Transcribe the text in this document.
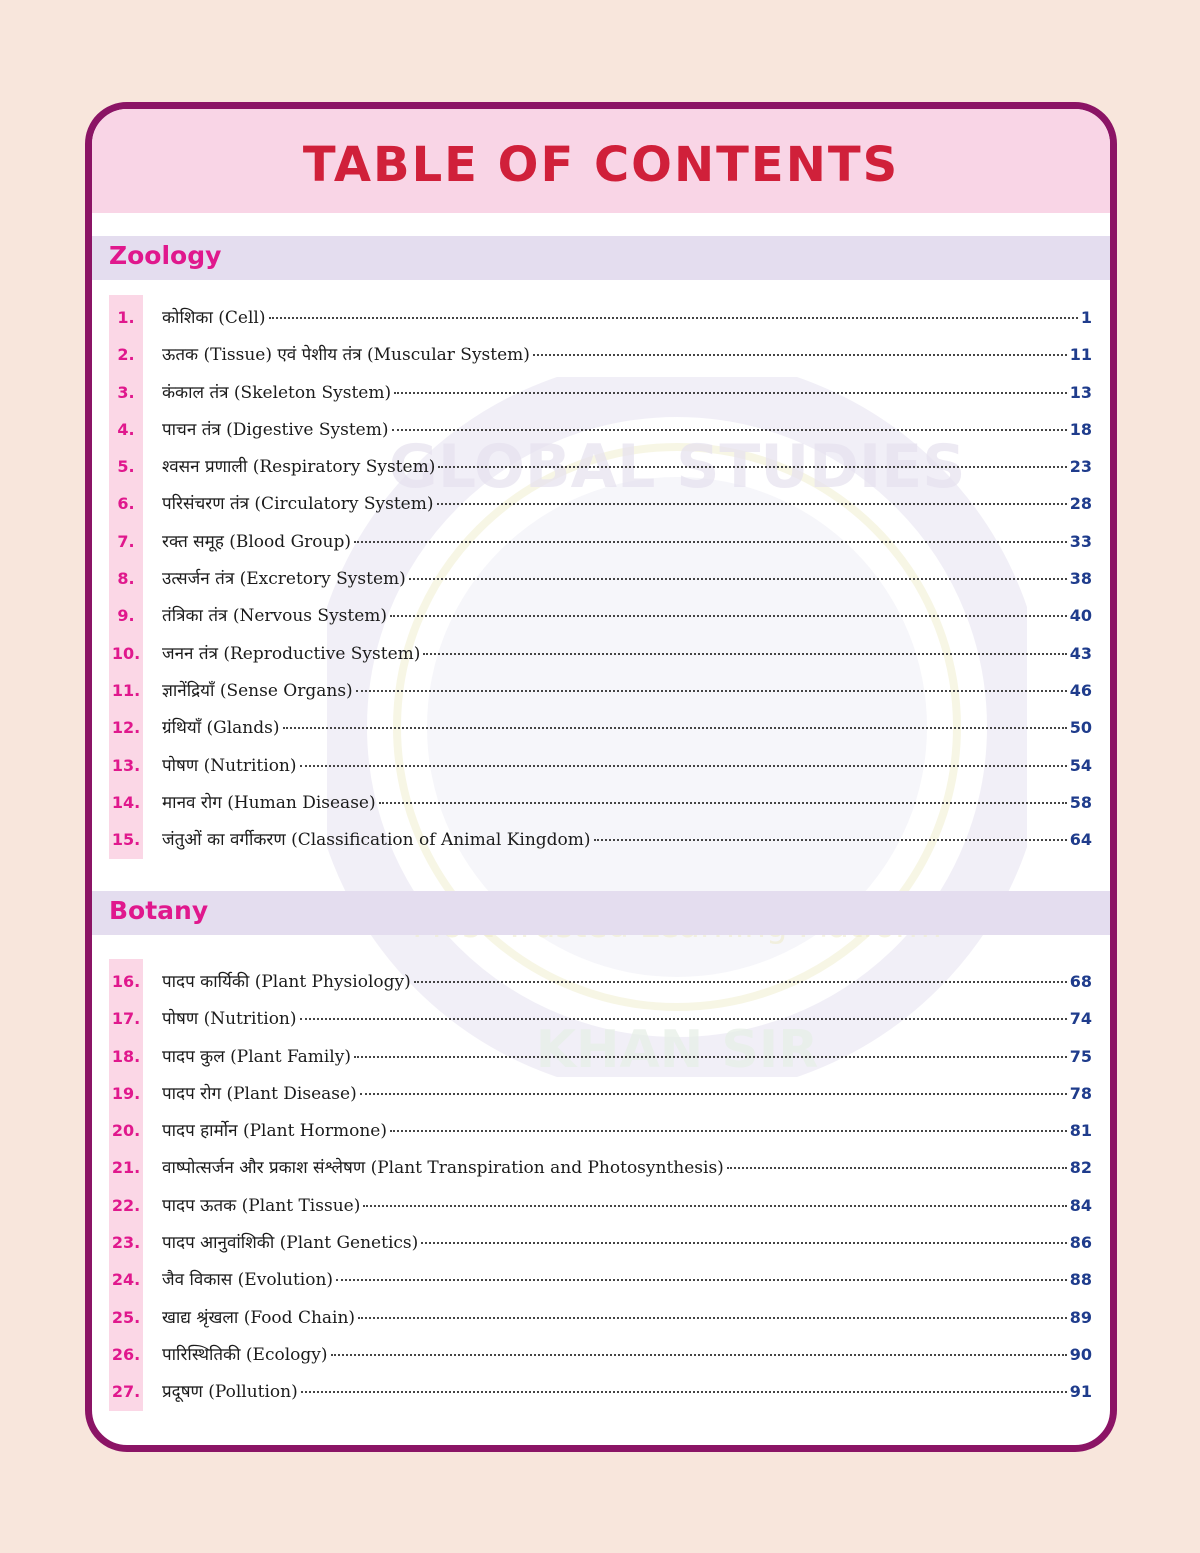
TABLE OF CONTENTS
GLOBAL STUDIES
KHAN SIR
Zoology
1.	कोशिका (Cell)	1
2.	ऊतक (Tissue) एवं पेशीय तंत्र (Muscular System)	11
3.	कंकाल तंत्र (Skeleton System)	13
4.	पाचन तंत्र (Digestive System)	18
5.	श्वसन प्रणाली (Respiratory System)	23
6.	परिसंचरण तंत्र (Circulatory System)	28
7.	रक्त समूह (Blood Group)	33
8.	उत्सर्जन तंत्र (Excretory System)	38
9.	तंत्रिका तंत्र (Nervous System)	40
10. जनन तंत्र (Reproductive System)	43
11. ज्ञानेंद्रियाँ (Sense Organs)	46
12. ग्रंथियाँ (Glands)	50
13. पोषण (Nutrition)	54
14. मानव रोग (Human Disease)	58
15. जंतुओं का वर्गीकरण (Classification of Animal Kingdom)	64
Botany
16. पादप कार्यिकी (Plant Physiology)	68
17. पोषण (Nutrition)	74
18. पादप कुल (Plant Family)	75
19. पादप रोग (Plant Disease)	78
20. पादप हार्मोन (Plant Hormone)	81
21. वाष्पोत्सर्जन और प्रकाश संश्लेषण (Plant Transpiration and Photosynthesis)	82
22. पादप ऊतक (Plant Tissue)	84
23. पादप आनुवांशिकी (Plant Genetics)	86
24. जैव विकास (Evolution)	88
25. खाद्य श्रृंखला (Food Chain)	89
26. पारिस्थितिकी (Ecology)	90
27. प्रदूषण (Pollution)	91
